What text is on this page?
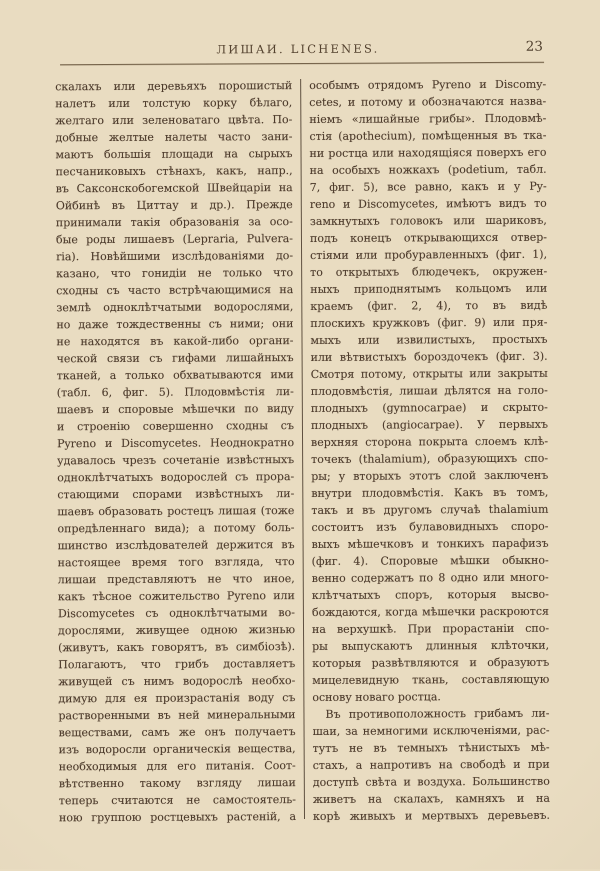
ЛИШАИ. LICHENES.	23
скалахъ или деревьяхъ порошистый
налетъ или толстую корку бѣлаго,
желтаго или зеленоватаго цвѣта. По-
добные желтые налеты часто зани-
маютъ большія площади на сырыхъ
песчаниковыхъ стѣнахъ, какъ, напр.,
въ Саксонскобогемской Швейцаріи на
Ойбинѣ въ Циттау и др.). Прежде
принимали такія образованія за осо-
бые роды лишаевъ (Lepraria, Pulvera-
ria). Новѣйшими изслѣдованіями до-
казано, что гонидіи не только что
сходны съ часто встрѣчающимися на
землѣ одноклѣтчатыми водорослями,
но даже тождественны съ ними; они
не находятся въ какой-либо органи-
ческой связи съ гифами лишайныхъ
тканей, а только обхватываются ими
(табл. 6, фиг. 5). Плодовмѣстія ли-
шаевъ и споровые мѣшечки по виду
и строенію совершенно сходны съ
Pyreno и Discomycetes. Неоднократно
удавалось чрезъ сочетаніе извѣстныхъ
одноклѣтчатыхъ водорослей съ прора-
стающими спорами извѣстныхъ ли-
шаевъ образовать ростецъ лишая (тоже
опредѣленнаго вида); а потому боль-
шинство изслѣдователей держится въ
настоящее время того взгляда, что
лишаи представляютъ не что иное,
какъ тѣсное сожительство Pyreno или
Discomycetes съ одноклѣтчатыми во-
дорослями, живущее одною жизнью
(живутъ, какъ говорятъ, въ симбіозѣ).
Полагаютъ, что грибъ доставляетъ
живущей съ нимъ водорослѣ необхо-
димую для ея произрастанія воду съ
растворенными въ ней минеральными
веществами, самъ же онъ получаетъ
изъ водоросли органическія вещества,
необходимыя для его питанія. Соот-
вѣтственно такому взгляду лишаи
теперь считаются не самостоятель-
ною группою ростцевыхъ растеній, а
особымъ отрядомъ Pyreno и Discomy-
cetes, и потому и обозначаются назва-
ніемъ «лишайные грибы». Плодовмѣ-
стія (apothecium), помѣщенныя въ тка-
ни ростца или находящіяся поверхъ его
на особыхъ ножкахъ (podetium, табл.
7, фиг. 5), все равно, какъ и у Py-
reno и Discomycetes, имѣютъ видъ то
замкнутыхъ головокъ или шариковъ,
подъ конецъ открывающихся отвер-
стіями или пробуравленныхъ (фиг. 1),
то открытыхъ блюдечекъ, окружен-
ныхъ приподнятымъ кольцомъ или
краемъ (фиг. 2, 4), то въ видѣ
плоскихъ кружковъ (фиг. 9) или пря-
мыхъ или извилистыхъ, простыхъ
или вѣтвистыхъ бороздочекъ (фиг. 3).
Смотря потому, открыты или закрыты
плодовмѣстія, лишаи дѣлятся на голо-
плодныхъ (gymnocarpae) и скрыто-
плодныхъ (angiocarpae). У первыхъ
верхняя сторона покрыта слоемъ клѣ-
точекъ (thalamium), образующихъ спо-
ры; у вторыхъ этотъ слой заключенъ
внутри плодовмѣстія. Какъ въ томъ,
такъ и въ другомъ случаѣ thalamium
состоитъ изъ булавовидныхъ споро-
выхъ мѣшечковъ и тонкихъ парафизъ
(фиг. 4). Споровые мѣшки обыкно-
венно содержатъ по 8 одно или много-
клѣтчатыхъ споръ, которыя высво-
бождаются, когда мѣшечки раскроются
на верхушкѣ. При прорастаніи спо-
ры выпускаютъ длинныя клѣточки,
которыя развѣтвляются и образуютъ
мицелевидную ткань, составляющую
основу новаго ростца.
Въ противоположность грибамъ ли-
шаи, за немногими исключеніями, рас-
тутъ не въ темныхъ тѣнистыхъ мѣ-
стахъ, а напротивъ на свободѣ и при
доступѣ свѣта и воздуха. Большинство
живетъ на скалахъ, камняхъ и на
корѣ живыхъ и мертвыхъ деревьевъ.
